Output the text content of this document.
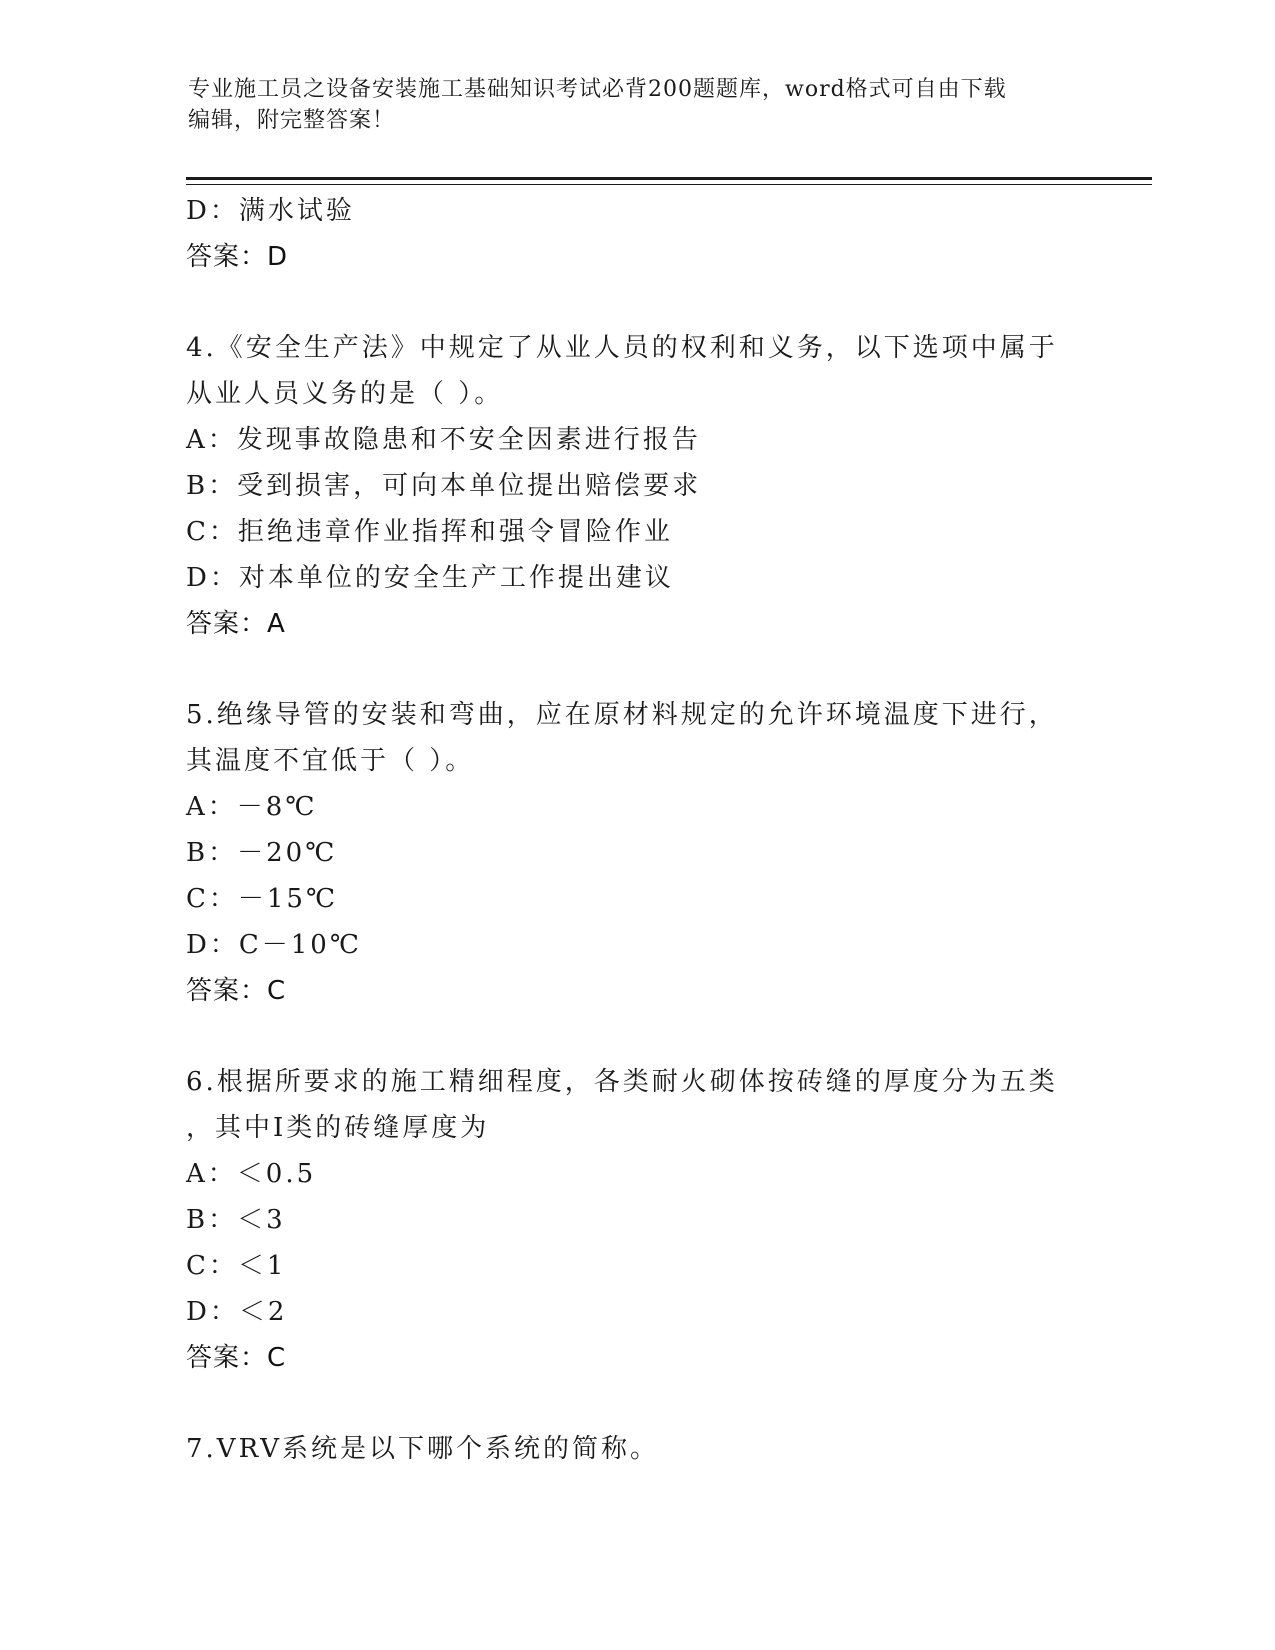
专业施工员之设备安装施工基础知识考试必背200题题库，word格式可自由下载
编辑，附完整答案！
D：满水试验
答案：D
4.《安全生产法》中规定了从业人员的权利和义务，以下选项中属于
从业人员义务的是（ ）。
A：发现事故隐患和不安全因素进行报告
B：受到损害，可向本单位提出赔偿要求
C：拒绝违章作业指挥和强令冒险作业
D：对本单位的安全生产工作提出建议
答案：A
5.绝缘导管的安装和弯曲，应在原材料规定的允许环境温度下进行，
其温度不宜低于（ ）。
A：－8℃
B：－20℃
C：－15℃
D：C－10℃
答案：C
6.根据所要求的施工精细程度，各类耐火砌体按砖缝的厚度分为五类
，其中Ⅰ类的砖缝厚度为
A：＜0.5
B：＜3
C：＜1
D：＜2
答案：C
7.VRV系统是以下哪个系统的简称。
